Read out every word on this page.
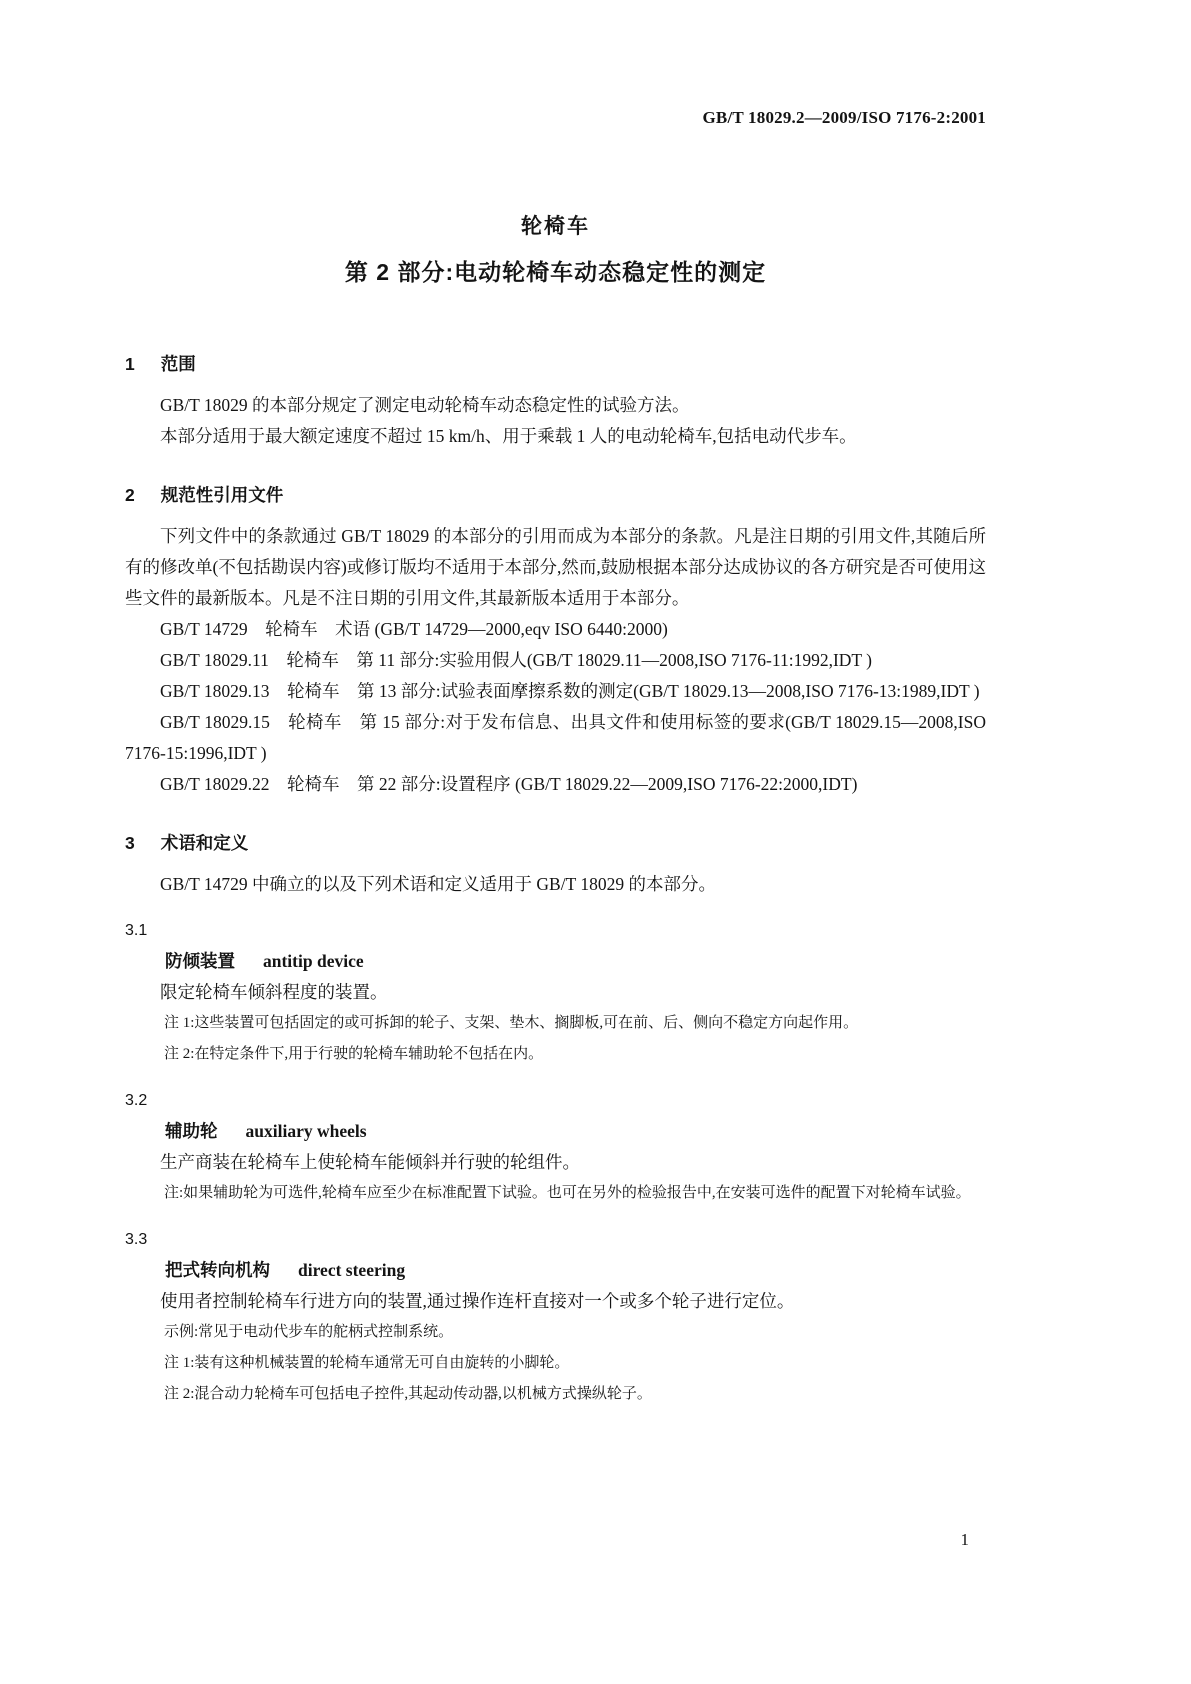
GB/T 18029.2—2009/ISO 7176-2:2001
轮椅车
第 2 部分:电动轮椅车动态稳定性的测定
1 范围
GB/T 18029 的本部分规定了测定电动轮椅车动态稳定性的试验方法。
本部分适用于最大额定速度不超过 15 km/h、用于乘载 1 人的电动轮椅车,包括电动代步车。
2 规范性引用文件
下列文件中的条款通过 GB/T 18029 的本部分的引用而成为本部分的条款。凡是注日期的引用文件,其随后所有的修改单(不包括勘误内容)或修订版均不适用于本部分,然而,鼓励根据本部分达成协议的各方研究是否可使用这些文件的最新版本。凡是不注日期的引用文件,其最新版本适用于本部分。
GB/T 14729　轮椅车　术语 (GB/T 14729—2000,eqv ISO 6440:2000)
GB/T 18029.11　轮椅车　第 11 部分:实验用假人(GB/T 18029.11—2008,ISO 7176-11:1992,IDT )
GB/T 18029.13　轮椅车　第 13 部分:试验表面摩擦系数的测定(GB/T 18029.13—2008,ISO 7176-13:1989,IDT )
GB/T 18029.15　轮椅车　第 15 部分:对于发布信息、出具文件和使用标签的要求(GB/T 18029.15—2008,ISO 7176-15:1996,IDT )
GB/T 18029.22　轮椅车　第 22 部分:设置程序 (GB/T 18029.22—2009,ISO 7176-22:2000,IDT)
3 术语和定义
GB/T 14729 中确立的以及下列术语和定义适用于 GB/T 18029 的本部分。
3.1
防倾装置 antitip device
限定轮椅车倾斜程度的装置。
注 1:这些装置可包括固定的或可拆卸的轮子、支架、垫木、搁脚板,可在前、后、侧向不稳定方向起作用。
注 2:在特定条件下,用于行驶的轮椅车辅助轮不包括在内。
3.2
辅助轮 auxiliary wheels
生产商装在轮椅车上使轮椅车能倾斜并行驶的轮组件。
注:如果辅助轮为可选件,轮椅车应至少在标准配置下试验。也可在另外的检验报告中,在安装可选件的配置下对轮椅车试验。
3.3
把式转向机构 direct steering
使用者控制轮椅车行进方向的装置,通过操作连杆直接对一个或多个轮子进行定位。
示例:常见于电动代步车的舵柄式控制系统。
注 1:装有这种机械装置的轮椅车通常无可自由旋转的小脚轮。
注 2:混合动力轮椅车可包括电子控件,其起动传动器,以机械方式操纵轮子。
1
